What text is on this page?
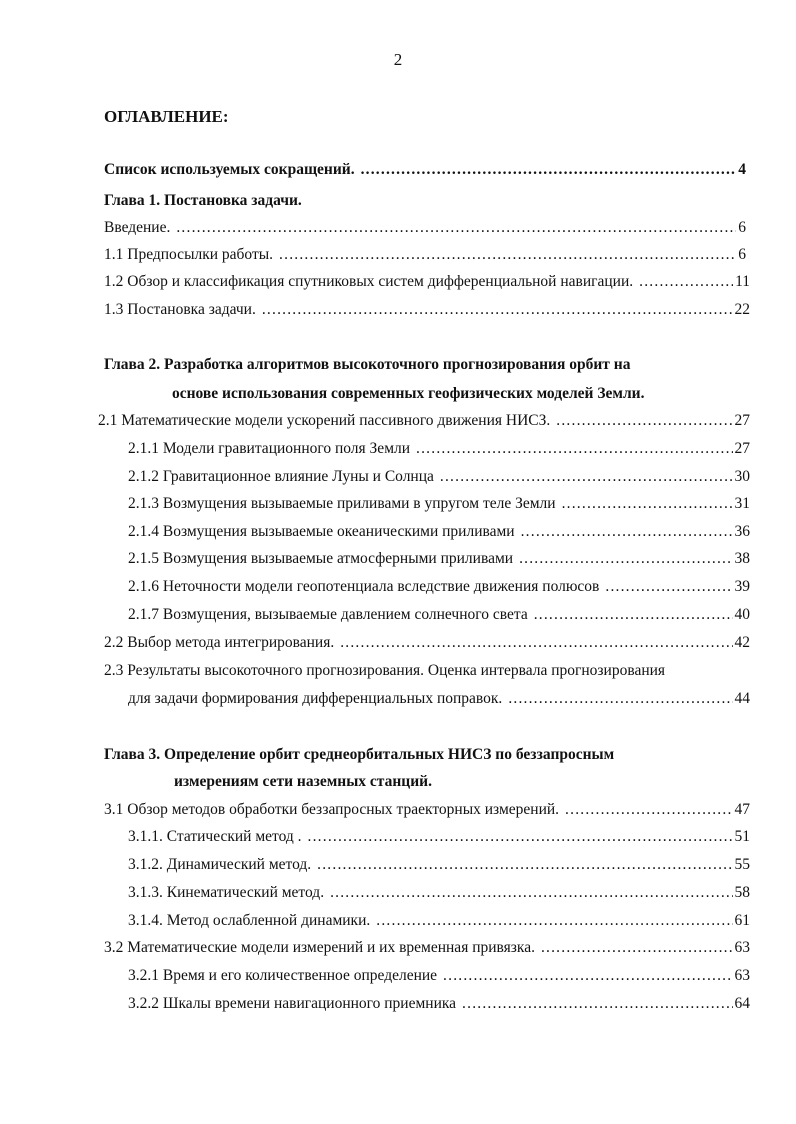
2
ОГЛАВЛЕНИЕ:
Список используемых сокращений. .....	4
Глава 1. Постановка задачи.
Введение. .....	6
1.1 Предпосылки работы. .....	6
1.2 Обзор и классификация спутниковых систем дифференциальной навигации. .....	11
1.3 Постановка задачи. .....	22
Глава 2. Разработка алгоритмов высокоточного прогнозирования орбит на
основе использования современных геофизических моделей Земли.
2.1 Математические модели ускорений пассивного движения НИСЗ. .....	27
2.1.1 Модели гравитационного поля Земли .....	27
2.1.2 Гравитационное влияние Луны и Солнца .....	30
2.1.3 Возмущения вызываемые приливами в упругом теле Земли .....	31
2.1.4 Возмущения вызываемые океаническими приливами .....	36
2.1.5 Возмущения вызываемые атмосферными приливами .....	38
2.1.6 Неточности модели геопотенциала вследствие движения полюсов .....	39
2.1.7 Возмущения, вызываемые давлением солнечного света .....	40
2.2 Выбор метода интегрирования. .....	42
2.3 Результаты высокоточного прогнозирования. Оценка интервала прогнозирования
для задачи формирования дифференциальных поправок. .....	44
Глава 3. Определение орбит среднеорбитальных НИСЗ по беззапросным
измерениям сети наземных станций.
3.1 Обзор методов обработки беззапросных траекторных измерений. .....	47
3.1.1. Статический метод . .....	51
3.1.2. Динамический метод. .....	55
3.1.3. Кинематический метод. .....	58
3.1.4. Метод ослабленной динамики. .....	61
3.2 Математические модели измерений и их временная привязка. .....	63
3.2.1 Время и его количественное определение .....	63
3.2.2 Шкалы времени навигационного приемника .....	64
